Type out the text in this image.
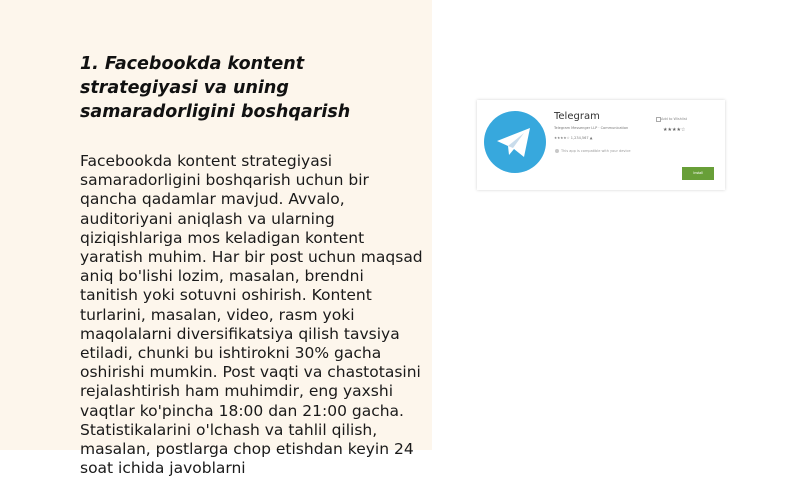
1. Facebookda kontent strategiyasi va uning samaradorligini boshqarish

Facebookda kontent strategiyasi samaradorligini boshqarish uchun bir qancha qadamlar mavjud. Avvalo, auditoriyani aniqlash va ularning qiziqishlariga mos keladigan kontent yaratish muhim. Har bir post uchun maqsad aniq bo'lishi lozim, masalan, brendni tanitish yoki sotuvni oshirish. Kontent turlarini, masalan, video, rasm yoki maqolalarni diversifikatsiya qilish tavsiya etiladi, chunki bu ishtirokni 30% gacha oshirishi mumkin. Post vaqti va chastotasini rejalashtirish ham muhimdir, eng yaxshi vaqtlar ko'pincha 18:00 dan 21:00 gacha. Statistikalarini o'lchash va tahlil qilish, masalan, postlarga chop etishdan keyin 24 soat ichida javoblarni

Telegram
Telegram Messenger LLP · Communication
★★★★☆ 1,234,567 ▲
This app is compatible with your device
Add to Wishlist
★★★★☆
Install
